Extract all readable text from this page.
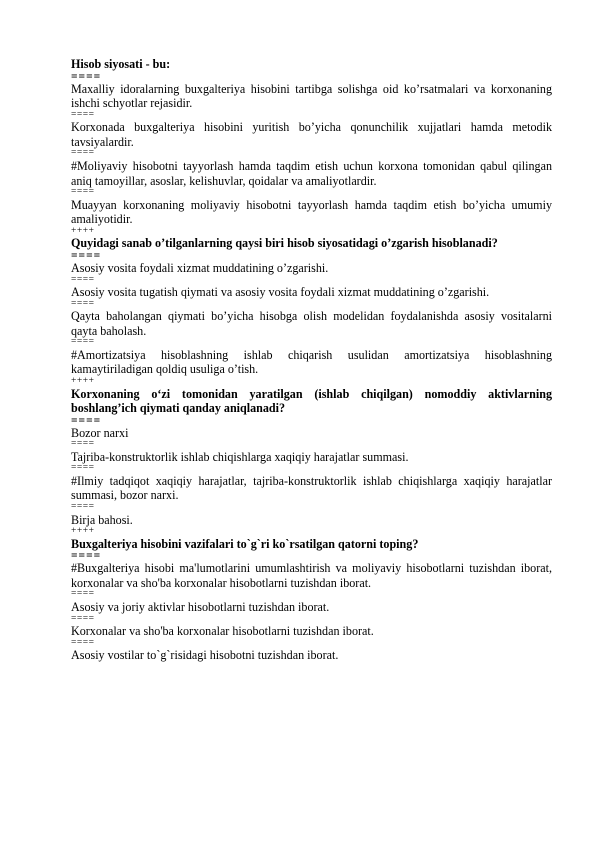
Hisob siyosati - bu:

====

Maxalliy idoralarning buxgalteriya hisobini tartibga solishga oid ko’rsatmalari va korxonaning ishchi schyotlar rejasidir.

====

Korxonada buxgalteriya hisobini yuritish bo’yicha qonunchilik xujjatlari hamda metodik tavsiyalardir.

====

#Moliyaviy hisobotni tayyorlash hamda taqdim etish uchun korxona tomonidan qabul qilingan aniq tamoyillar, asoslar, kelishuvlar, qoidalar va amaliyotlardir.

====

Muayyan korxonaning moliyaviy hisobotni tayyorlash hamda taqdim etish bo’yicha umumiy amaliyotidir.

++++

Quyidagi sanab o’tilganlarning qaysi biri hisob siyosatidagi o’zgarish hisoblanadi?

====

Asosiy vosita foydali xizmat muddatining o’zgarishi.

====

Asosiy vosita tugatish qiymati va asosiy vosita foydali xizmat muddatining o’zgarishi.

====

Qayta baholangan qiymati bo’yicha hisobga olish modelidan foydalanishda asosiy vositalarni qayta baholash.

====

#Amortizatsiya hisoblashning ishlab chiqarish usulidan amortizatsiya hisoblashning kamaytiriladigan qoldiq usuliga o’tish.

++++

Korxonaning o‘zi tomonidan yaratilgan (ishlab chiqilgan) nomoddiy aktivlarning boshlang’ich qiymati qanday aniqlanadi?

====

Bozor narxi

====

Tajriba-konstruktorlik ishlab chiqishlarga xaqiqiy harajatlar summasi.

====

#Ilmiy tadqiqot xaqiqiy harajatlar, tajriba-konstruktorlik ishlab chiqishlarga xaqiqiy harajatlar summasi, bozor narxi.

====

Birja bahosi.

++++

Buxgalteriya hisobini vazifalari to`g`ri ko`rsatilgan qatorni toping?

====

#Buxgalteriya hisobi ma'lumotlarini umumlashtirish va moliyaviy hisobotlarni tuzishdan iborat, korxonalar va sho'ba korxonalar hisobotlarni tuzishdan iborat.

====

Asosiy va joriy aktivlar hisobotlarni tuzishdan iborat.

====

Korxonalar va sho'ba korxonalar hisobotlarni tuzishdan iborat.

====

Asosiy vostilar to`g`risidagi hisobotni tuzishdan iborat.
